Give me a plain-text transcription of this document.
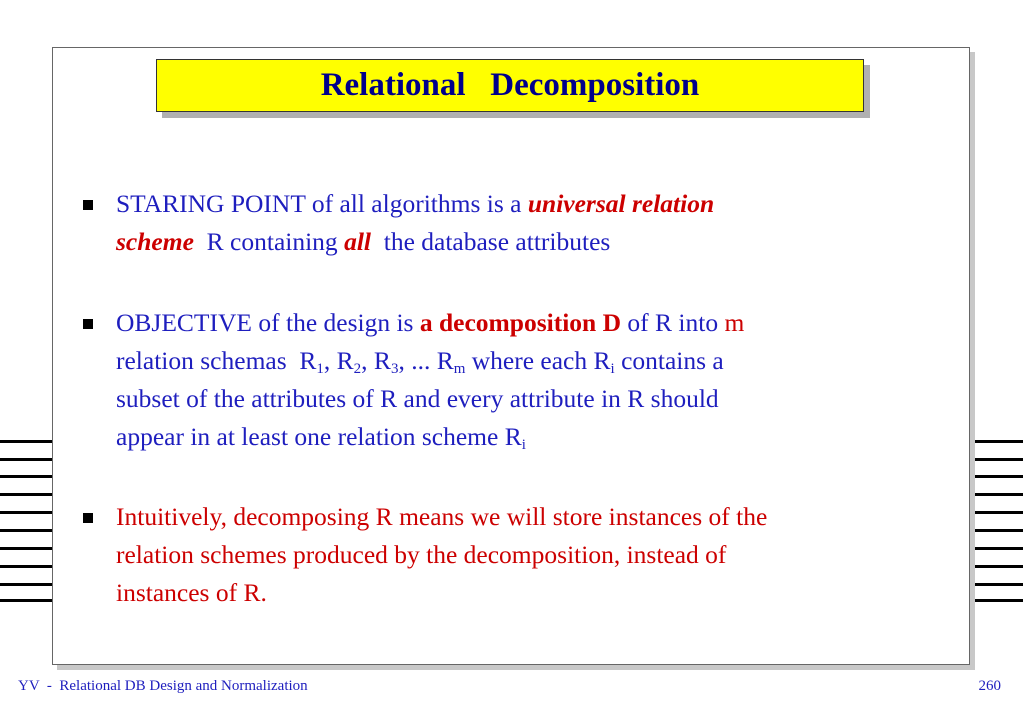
Relational   Decomposition
STARING POINT of all algorithms is a universal relation
scheme  R containing all  the database attributes
OBJECTIVE of the design is a decomposition D of R into m
relation schemas  $R_1$, $R_2$, $R_3$, ... $R_m$ where each $R_i$ contains a
subset of the attributes of R and every attribute in R should
appear in at least one relation scheme $R_i$
Intuitively, decomposing R means we will store instances of the
relation schemes produced by the decomposition, instead of
instances of R.
YV  -  Relational DB Design and Normalization	260
